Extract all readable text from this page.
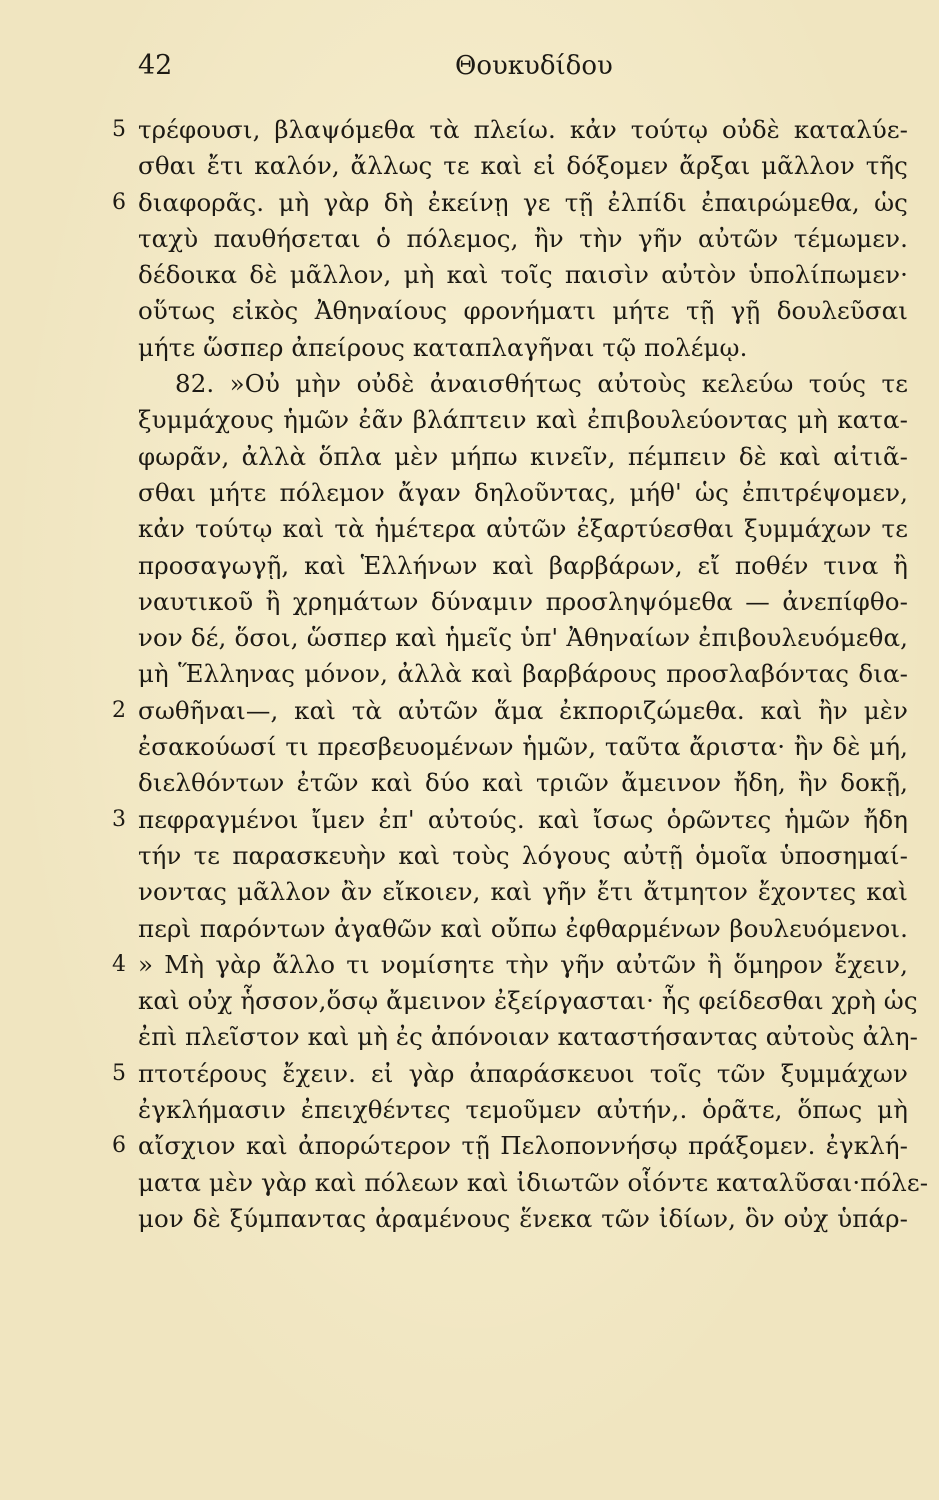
42	Θουκυδίδου
5 τρέφουσι, βλαψόμεθα τὰ πλείω. κἀν τούτῳ οὐδὲ καταλύε-
σθαι ἔτι καλόν, ἄλλως τε καὶ εἰ δόξομεν ἄρξαι μᾶλλον τῆς
6 διαφορᾶς. μὴ γὰρ δὴ ἐκείνῃ γε τῇ ἐλπίδι ἐπαιρώμεθα, ὡς
ταχὺ παυθήσεται ὁ πόλεμος, ἢν τὴν γῆν αὐτῶν τέμωμεν.
δέδοικα δὲ μᾶλλον, μὴ καὶ τοῖς παισὶν αὐτὸν ὑπολίπωμεν·
οὕτως εἰκὸς Ἀθηναίους φρονήματι μήτε τῇ γῇ δουλεῦσαι
μήτε ὥσπερ ἀπείρους καταπλαγῆναι τῷ πολέμῳ.
82. »Οὐ μὴν οὐδὲ ἀναισθήτως αὐτοὺς κελεύω τούς τε
ξυμμάχους ἡμῶν ἐᾶν βλάπτειν καὶ ἐπιβουλεύοντας μὴ κατα-
φωρᾶν, ἀλλὰ ὅπλα μὲν μήπω κινεῖν, πέμπειν δὲ καὶ αἰτιᾶ-
σθαι μήτε πόλεμον ἄγαν δηλοῦντας, μήθ' ὡς ἐπιτρέψομεν,
κἀν τούτῳ καὶ τὰ ἡμέτερα αὐτῶν ἐξαρτύεσθαι ξυμμάχων τε
προσαγωγῇ, καὶ Ἑλλήνων καὶ βαρβάρων, εἴ ποθέν τινα ἢ
ναυτικοῦ ἢ χρημάτων δύναμιν προσληψόμεθα — ἀνεπίφθο-
νον δέ, ὅσοι, ὥσπερ καὶ ἡμεῖς ὑπ' Ἀθηναίων ἐπιβουλευόμεθα,
μὴ Ἕλληνας μόνον, ἀλλὰ καὶ βαρβάρους προσλαβόντας δια-
2 σωθῆναι—, καὶ τὰ αὐτῶν ἅμα ἐκποριζώμεθα. καὶ ἢν μὲν
ἐσακούωσί τι πρεσβευομένων ἡμῶν, ταῦτα ἄριστα· ἢν δὲ μή,
διελθόντων ἐτῶν καὶ δύο καὶ τριῶν ἄμεινον ἤδη, ἢν δοκῇ,
3 πεφραγμένοι ἴμεν ἐπ' αὐτούς. καὶ ἴσως ὁρῶντες ἡμῶν ἤδη
τήν τε παρασκευὴν καὶ τοὺς λόγους αὐτῇ ὁμοῖα ὑποσημαί-
νοντας μᾶλλον ἂν εἴκοιεν, καὶ γῆν ἔτι ἄτμητον ἔχοντες καὶ
περὶ παρόντων ἀγαθῶν καὶ οὔπω ἐφθαρμένων βουλευόμενοι.
4 » Μὴ γὰρ ἄλλο τι νομίσητε τὴν γῆν αὐτῶν ἢ ὅμηρον ἔχειν,
καὶ οὐχ ἧσσον,ὅσῳ ἄμεινον ἐξείργασται· ἧς φείδεσθαι χρὴ ὡς
ἐπὶ πλεῖστον καὶ μὴ ἐς ἀπόνοιαν καταστήσαντας αὐτοὺς ἀλη-
5 πτοτέρους ἔχειν. εἰ γὰρ ἀπαράσκευοι τοῖς τῶν ξυμμάχων
ἐγκλήμασιν ἐπειχθέντες τεμοῦμεν αὐτήν,. ὁρᾶτε, ὅπως μὴ
6 αἴσχιον καὶ ἀπορώτερον τῇ Πελοποννήσῳ πράξομεν. ἐγκλή-
ματα μὲν γὰρ καὶ πόλεων καὶ ἰδιωτῶν οἷόντε καταλῦσαι·πόλε-
μον δὲ ξύμπαντας ἀραμένους ἕνεκα τῶν ἰδίων, ὃν οὐχ ὑπάρ-
